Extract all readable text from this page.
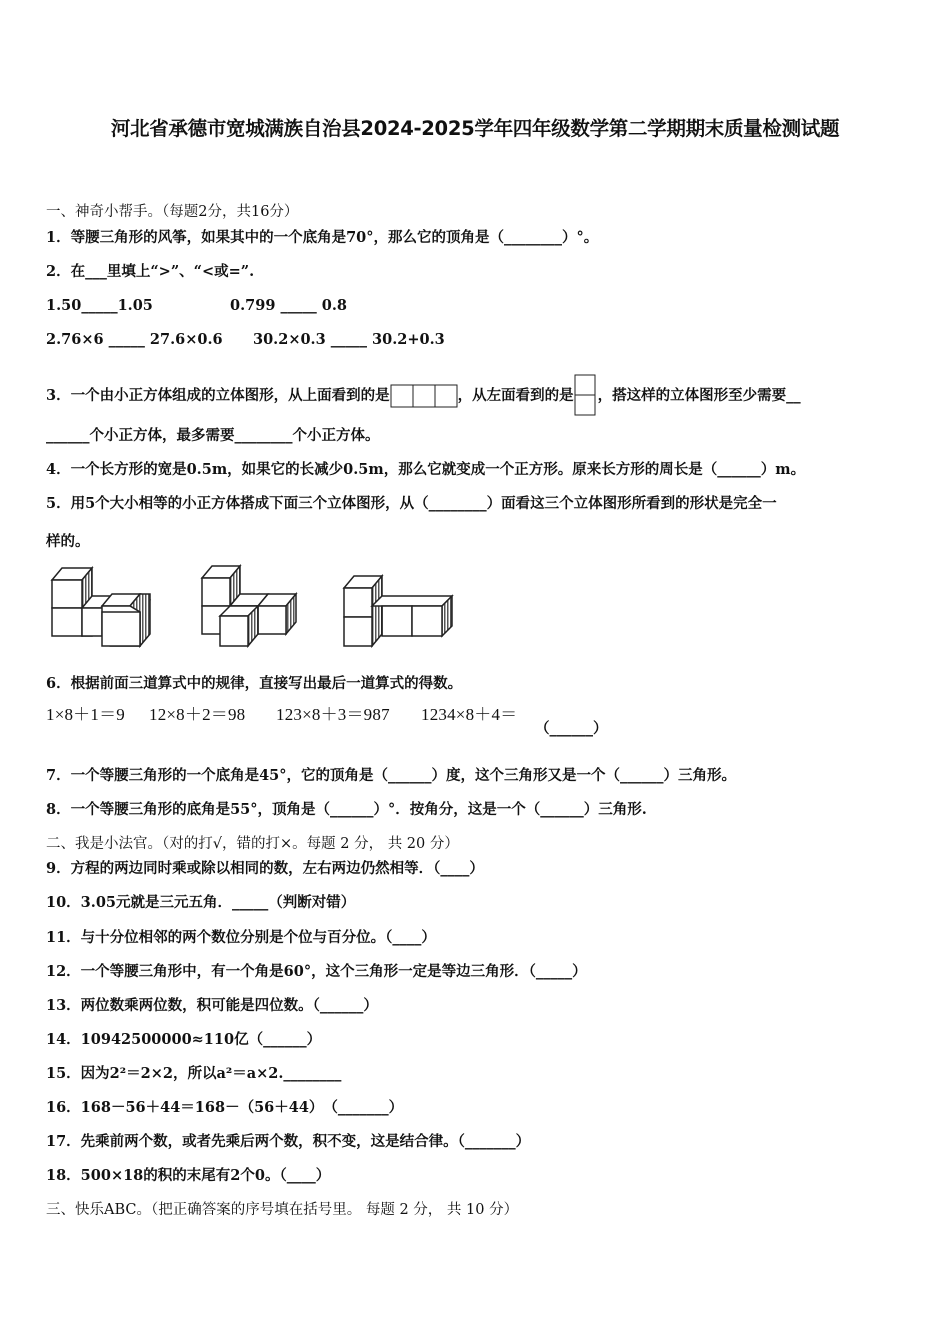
河北省承德市宽城满族自治县2024-2025学年四年级数学第二学期期末质量检测试题
一、神奇小帮手。（每题2分，共16分）
1．等腰三角形的风筝，如果其中的一个底角是70°，那么它的顶角是（________）°。
2．在___里填上“>”、“<或=”.
1.50_____1.05	0.799 _____ 0.8
2.76×6 _____ 27.6×0.6 30.2×0.3 _____ 30.2+0.3
3．一个由小正方体组成的立体图形，从上面看到的是	，从左面看到的是 ，搭这样的立体图形至少需要__
______个小正方体，最多需要________个小正方体。
4．一个长方形的宽是0.5m，如果它的长减少0.5m，那么它就变成一个正方形。原来长方形的周长是（______）m。
5．用5个大小相等的小正方体搭成下面三个立体图形，从（________）面看这三个立体图形所看到的形状是完全一
样的。
6．根据前面三道算式中的规律，直接写出最后一道算式的得数。
1×8＋1＝9 12×8＋2＝98 123×8＋3＝987 1234×8＋4＝
（______）
7．一个等腰三角形的一个底角是45°，它的顶角是（______）度，这个三角形又是一个（______）三角形。
8．一个等腰三角形的底角是55°，顶角是（______）°．按角分，这是一个（______）三角形.
二、我是小法官。（对的打√，错的打×。每题 2 分， 共 20 分）
9．方程的两边同时乘或除以相同的数，左右两边仍然相等．（____）
10．3.05元就是三元五角．_____（判断对错）
11．与十分位相邻的两个数位分别是个位与百分位。（____）
12．一个等腰三角形中，有一个角是60°，这个三角形一定是等边三角形．（_____）
13．两位数乘两位数，积可能是四位数。（______）
14．10942500000≈110亿（______）
15．因为2²＝2×2，所以a²＝a×2.________
16．168－56＋44＝168－（56＋44）　（_______）
17．先乘前两个数，或者先乘后两个数，积不变，这是结合律。（_______）
18．500×18的积的末尾有2个0。（____）
三、快乐ABC。（把正确答案的序号填在括号里。 每题 2 分， 共 10 分）
